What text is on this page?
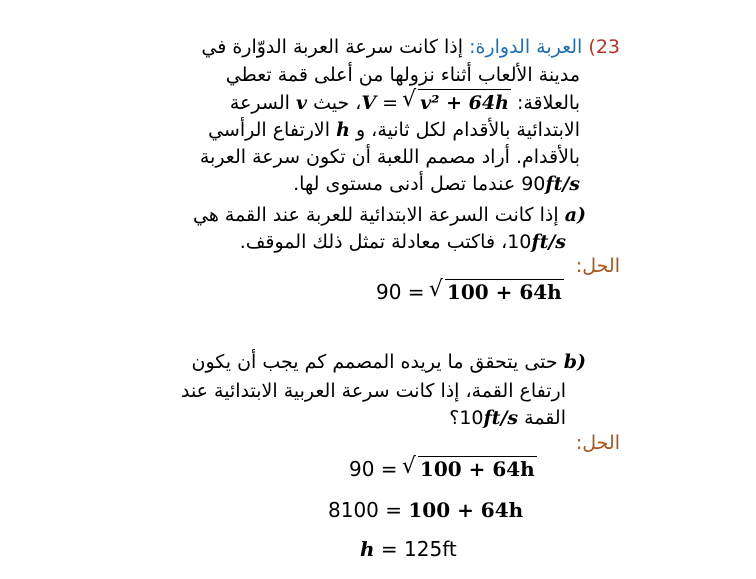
23) العربة الدوارة: إذا كانت سرعة العربة الدوّارة في
مدينة الألعاب أثناء نزولها من أعلى قمة تعطي
بالعلاقة: V = √ v² + 64h، حيث v السرعة
الابتدائية بالأقدام لكل ثانية، و h الارتفاع الرأسي
بالأقدام. أراد مصمم اللعبة أن تكون سرعة العربة
90ft/s عندما تصل أدنى مستوى لها.
(a إذا كانت السرعة الابتدائية للعربة عند القمة هي
10ft/s، فاكتب معادلة تمثل ذلك الموقف.
الحل:
90 = √ 100 + 64h
(b حتى يتحقق ما يريده المصمم كم يجب أن يكون
ارتفاع القمة، إذا كانت سرعة العربية الابتدائية عند
القمة 10ft/s؟
الحل:
90 = √ 100 + 64h
8100 = 100 + 64h
h = 125ft
